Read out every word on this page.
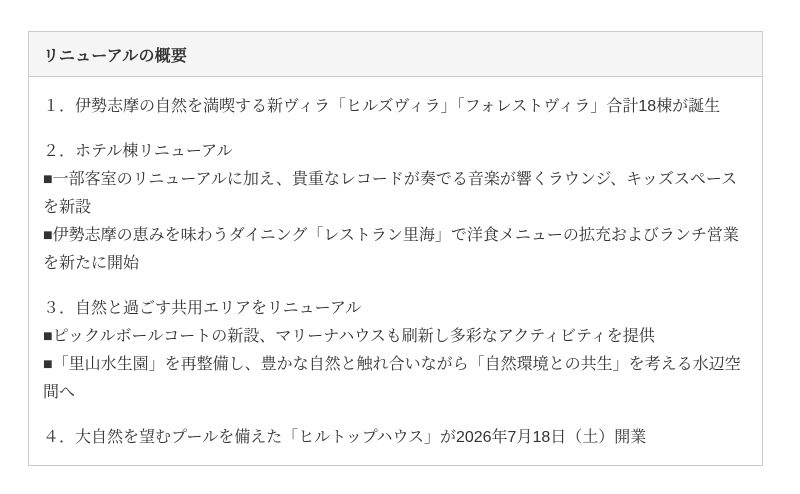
リニューアルの概要
１．伊勢志摩の自然を満喫する新ヴィラ「ヒルズヴィラ」「フォレストヴィラ」合計18棟が誕生
２．ホテル棟リニューアル
■一部客室のリニューアルに加え、貴重なレコードが奏でる音楽が響くラウンジ、キッズスペースを新設
■伊勢志摩の恵みを味わうダイニング「レストラン里海」で洋食メニューの拡充およびランチ営業を新たに開始
３．自然と過ごす共用エリアをリニューアル
■ピックルボールコートの新設、マリーナハウスも刷新し多彩なアクティビティを提供
■「里山水生園」を再整備し、豊かな自然と触れ合いながら「自然環境との共生」を考える水辺空間へ
４．大自然を望むプールを備えた「ヒルトップハウス」が2026年7月18日（土）開業
